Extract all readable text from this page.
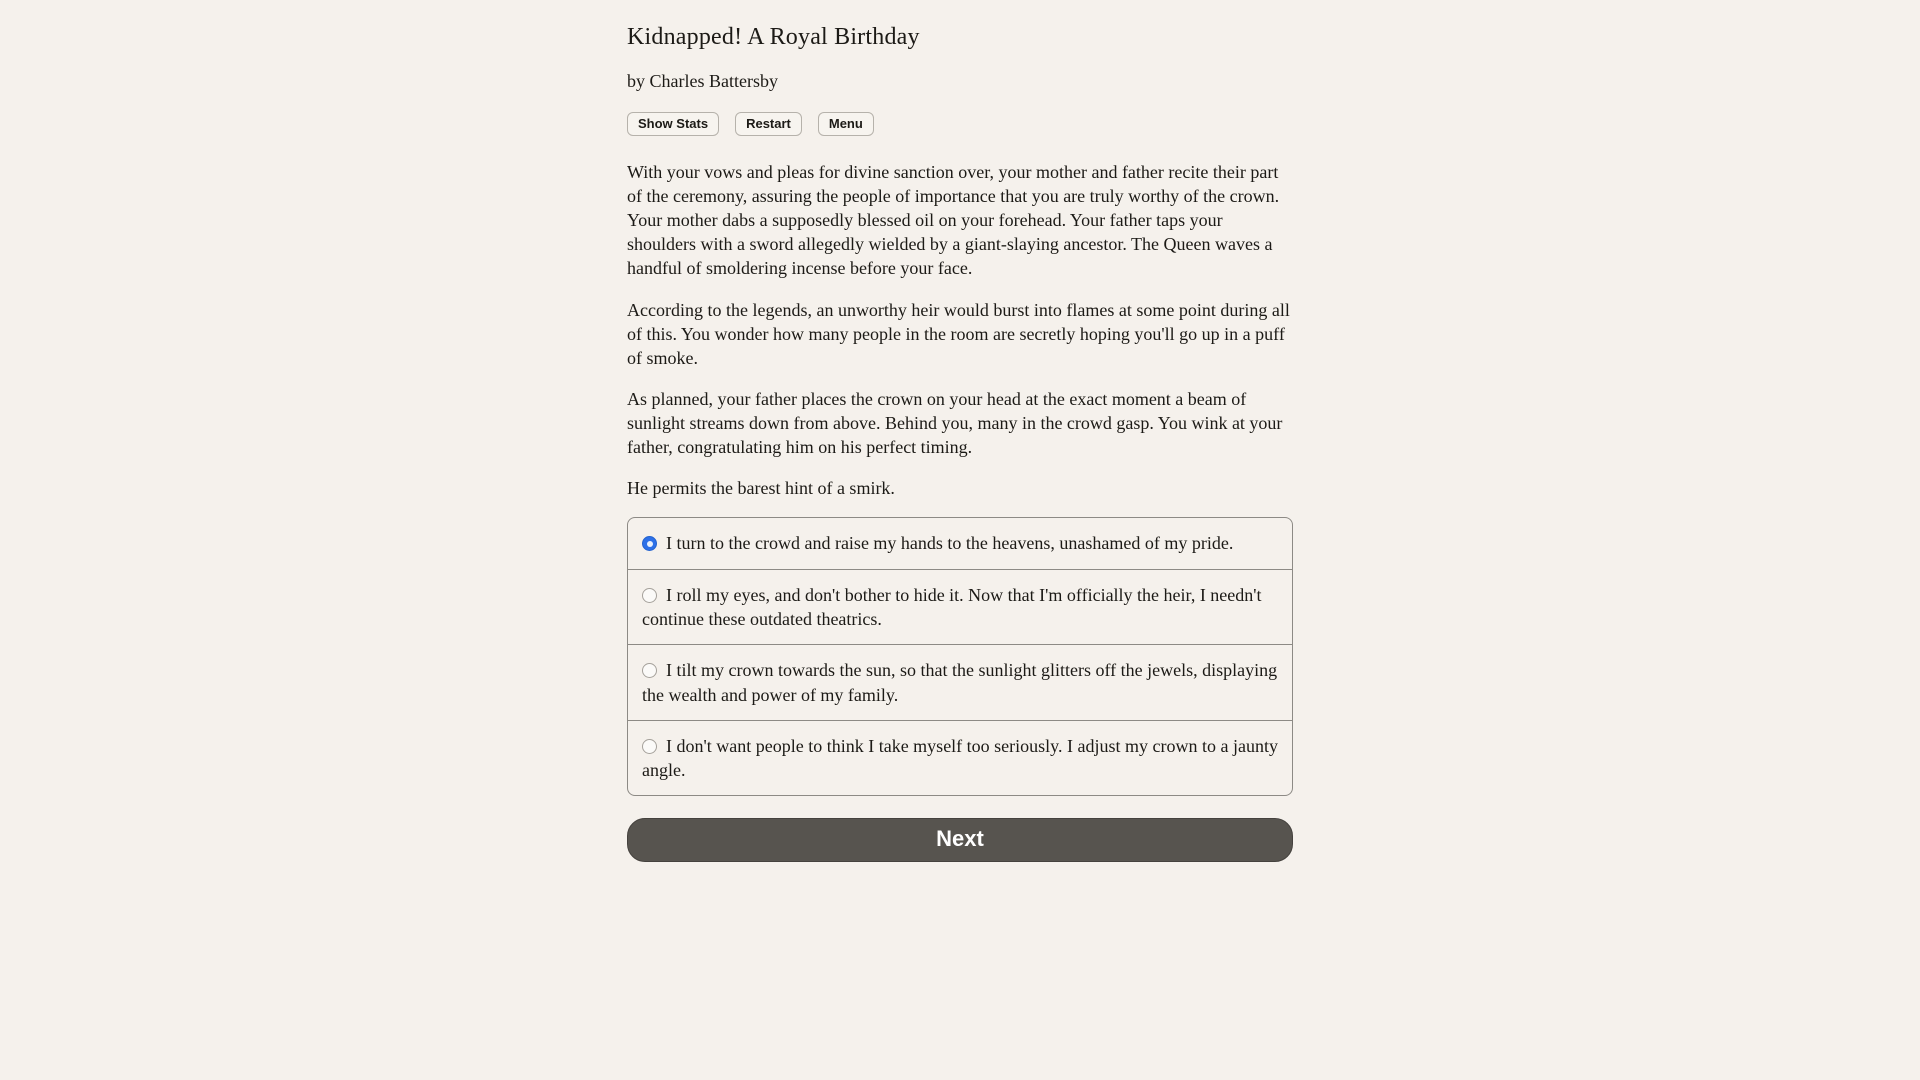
Kidnapped! A Royal Birthday

by Charles Battersby

Show Stats	Restart	Menu

With your vows and pleas for divine sanction over, your mother and father recite their part of the ceremony, assuring the people of importance that you are truly worthy of the crown. Your mother dabs a supposedly blessed oil on your forehead. Your father taps your shoulders with a sword allegedly wielded by a giant-slaying ancestor. The Queen waves a handful of smoldering incense before your face.

According to the legends, an unworthy heir would burst into flames at some point during all of this. You wonder how many people in the room are secretly hoping you'll go up in a puff of smoke.

As planned, your father places the crown on your head at the exact moment a beam of sunlight streams down from above. Behind you, many in the crowd gasp. You wink at your father, congratulating him on his perfect timing.

He permits the barest hint of a smirk.

I turn to the crowd and raise my hands to the heavens, unashamed of my pride.
I roll my eyes, and don't bother to hide it. Now that I'm officially the heir, I needn't continue these outdated theatrics.
I tilt my crown towards the sun, so that the sunlight glitters off the jewels, displaying the wealth and power of my family.
I don't want people to think I take myself too seriously. I adjust my crown to a jaunty angle.
Next
